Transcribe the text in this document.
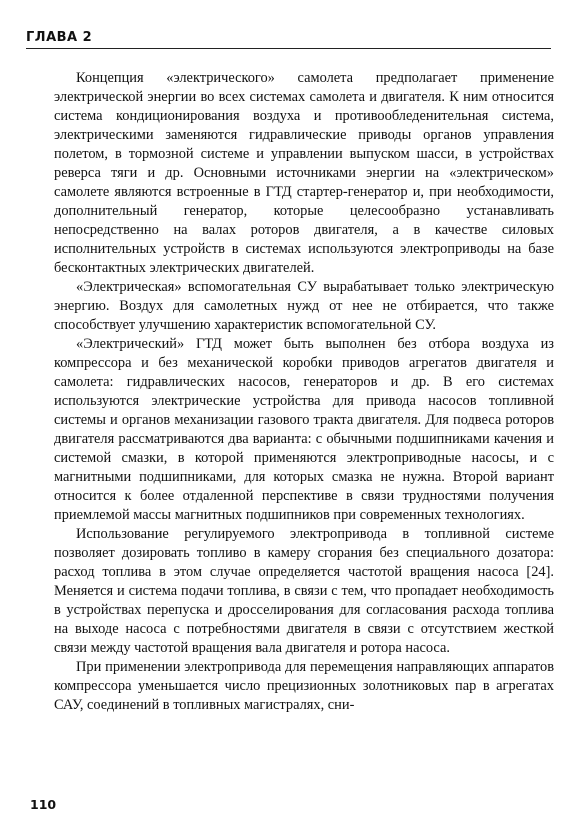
ГЛАВА 2

Концепция «электрического» самолета предполагает применение электрической энергии во всех системах самолета и двигателя. К ним относится система кондиционирования воздуха и противообледенительная система, электрическими заменяются гидравлические приводы органов управления полетом, в тормозной системе и управлении выпуском шасси, в устройствах реверса тяги и др. Основными источниками энергии на «электрическом» самолете являются встроенные в ГТД стартер-генератор и, при необходимости, дополнительный генератор, которые целесообразно устанавливать непосредственно на валах роторов двигателя, а в качестве силовых исполнительных устройств в системах используются электроприводы на базе бесконтактных электрических двигателей.

«Электрическая» вспомогательная СУ вырабатывает только электрическую энергию. Воздух для самолетных нужд от нее не отбирается, что также способствует улучшению характеристик вспомогательной СУ.

«Электрический» ГТД может быть выполнен без отбора воздуха из компрессора и без механической коробки приводов агрегатов двигателя и самолета: гидравлических насосов, генераторов и др. В его системах используются электрические устройства для привода насосов топливной системы и органов механизации газового тракта двигателя. Для подвеса роторов двигателя рассматриваются два варианта: с обычными подшипниками качения и системой смазки, в которой применяются электроприводные насосы, и с магнитными подшипниками, для которых смазка не нужна. Второй вариант относится к более отдаленной перспективе в связи трудностями получения приемлемой массы магнитных подшипников при современных технологиях.

Использование регулируемого электропривода в топливной системе позволяет дозировать топливо в камеру сгорания без специального дозатора: расход топлива в этом случае определяется частотой вращения насоса [24]. Меняется и система подачи топлива, в связи с тем, что пропадает необходимость в устройствах перепуска и дросселирования для согласования расхода топлива на выходе насоса с потребностями двигателя в связи с отсутствием жесткой связи между частотой вращения вала двигателя и ротора насоса.

При применении электропривода для перемещения направляющих аппаратов компрессора уменьшается число прецизионных золотниковых пар в агрегатах САУ, соединений в топливных магистралях, сни-

110
